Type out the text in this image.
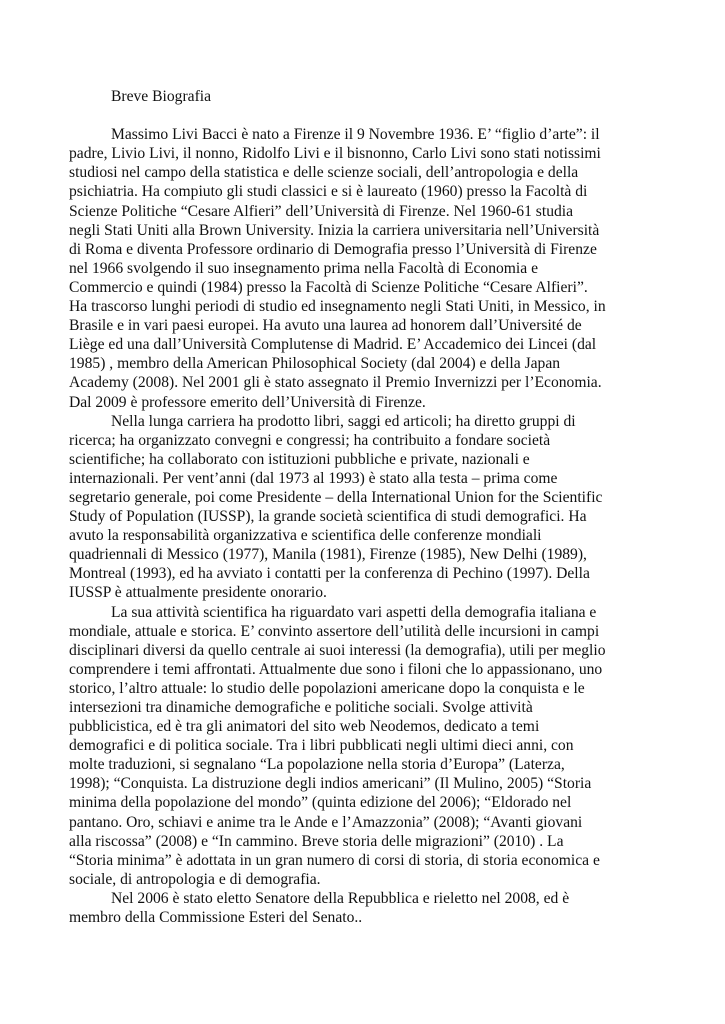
Breve Biografia
Massimo Livi Bacci è nato a Firenze il 9 Novembre 1936. E’ “figlio d’arte”: il
padre, Livio Livi, il nonno, Ridolfo Livi e il bisnonno, Carlo Livi sono stati notissimi
studiosi nel campo della statistica e delle scienze sociali, dell’antropologia e della
psichiatria. Ha compiuto gli studi classici e si è laureato (1960) presso la Facoltà di
Scienze Politiche “Cesare Alfieri” dell’Università di Firenze. Nel 1960-61 studia
negli Stati Uniti alla Brown University. Inizia la carriera universitaria nell’Università
di Roma e diventa Professore ordinario di Demografia presso l’Università di Firenze
nel 1966 svolgendo il suo insegnamento prima nella Facoltà di Economia e
Commercio e quindi (1984) presso la Facoltà di Scienze Politiche “Cesare Alfieri”.
Ha trascorso lunghi periodi di studio ed insegnamento negli Stati Uniti, in Messico, in
Brasile e in vari paesi europei. Ha avuto una laurea ad honorem dall’Université de
Liège ed una dall’Università Complutense di Madrid. E’ Accademico dei Lincei (dal
1985) , membro della American Philosophical Society (dal 2004) e della Japan
Academy (2008). Nel 2001 gli è stato assegnato il Premio Invernizzi per l’Economia.
Dal 2009 è professore emerito dell’Università di Firenze.
Nella lunga carriera ha prodotto libri, saggi ed articoli; ha diretto gruppi di
ricerca; ha organizzato convegni e congressi; ha contribuito a fondare società
scientifiche; ha collaborato con istituzioni pubbliche e private, nazionali e
internazionali. Per vent’anni (dal 1973 al 1993) è stato alla testa – prima come
segretario generale, poi come Presidente – della International Union for the Scientific
Study of Population (IUSSP), la grande società scientifica di studi demografici. Ha
avuto la responsabilità organizzativa e scientifica delle conferenze mondiali
quadriennali di Messico (1977), Manila (1981), Firenze (1985), New Delhi (1989),
Montreal (1993), ed ha avviato i contatti per la conferenza di Pechino (1997). Della
IUSSP è attualmente presidente onorario.
La sua attività scientifica ha riguardato vari aspetti della demografia italiana e
mondiale, attuale e storica. E’ convinto assertore dell’utilità delle incursioni in campi
disciplinari diversi da quello centrale ai suoi interessi (la demografia), utili per meglio
comprendere i temi affrontati. Attualmente due sono i filoni che lo appassionano, uno
storico, l’altro attuale: lo studio delle popolazioni americane dopo la conquista e le
intersezioni tra dinamiche demografiche e politiche sociali. Svolge attività
pubblicistica, ed è tra gli animatori del sito web Neodemos, dedicato a temi
demografici e di politica sociale. Tra i libri pubblicati negli ultimi dieci anni, con
molte traduzioni, si segnalano “La popolazione nella storia d’Europa” (Laterza,
1998); “Conquista. La distruzione degli indios americani” (Il Mulino, 2005) “Storia
minima della popolazione del mondo” (quinta edizione del 2006); “Eldorado nel
pantano. Oro, schiavi e anime tra le Ande e l’Amazzonia” (2008); “Avanti giovani
alla riscossa” (2008) e “In cammino. Breve storia delle migrazioni” (2010) . La
“Storia minima” è adottata in un gran numero di corsi di storia, di storia economica e
sociale, di antropologia e di demografia.
Nel 2006 è stato eletto Senatore della Repubblica e rieletto nel 2008, ed è
membro della Commissione Esteri del Senato..
